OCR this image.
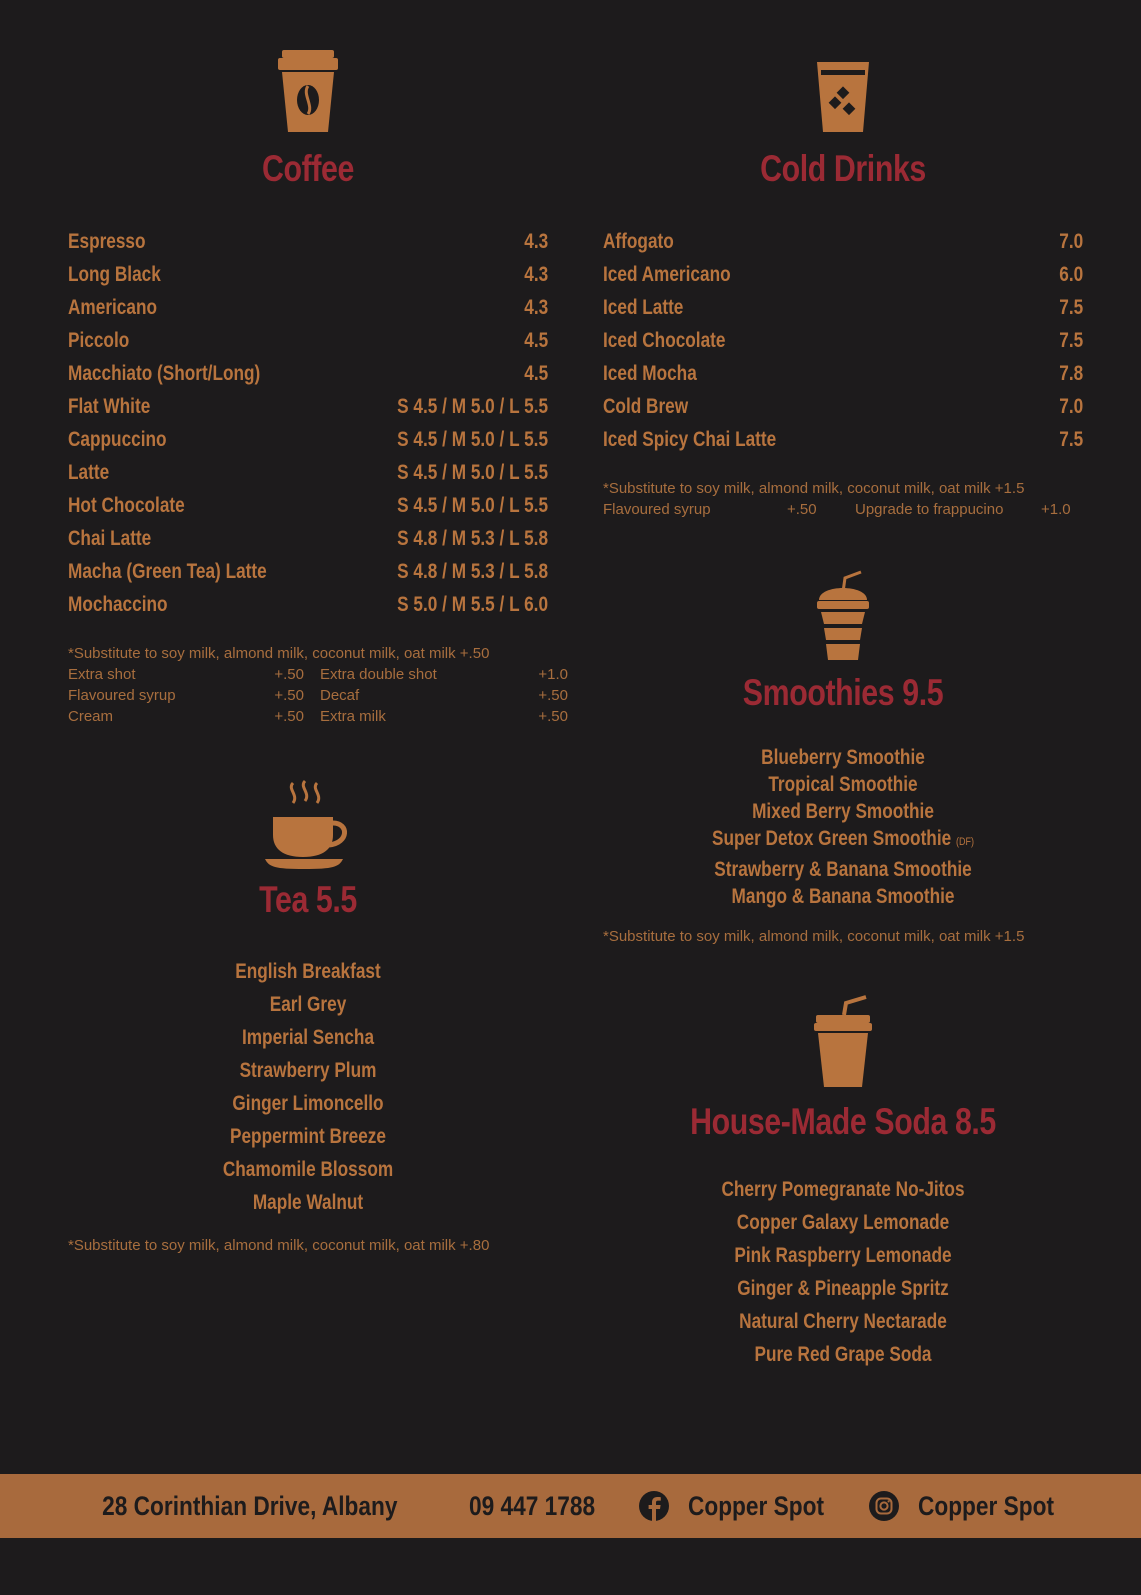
Coffee
Espresso	4.3
Long Black	4.3
Americano	4.3
Piccolo	4.5
Macchiato (Short/Long)	4.5
Flat White	S 4.5 / M 5.0 / L 5.5
Cappuccino	S 4.5 / M 5.0 / L 5.5
Latte	S 4.5 / M 5.0 / L 5.5
Hot Chocolate	S 4.5 / M 5.0 / L 5.5
Chai Latte	S 4.8 / M 5.3 / L 5.8
Macha (Green Tea) Latte	S 4.8 / M 5.3 / L 5.8
Mochaccino	S 5.0 / M 5.5 / L 6.0
*Substitute to soy milk, almond milk, coconut milk, oat milk +.50
Extra shot	+.50 Extra double shot	+1.0
Flavoured syrup	+.50 Decaf	+.50
Cream	+.50 Extra milk	+.50
Tea 5.5
English Breakfast
Earl Grey
Imperial Sencha
Strawberry Plum
Ginger Limoncello
Peppermint Breeze
Chamomile Blossom
Maple Walnut
*Substitute to soy milk, almond milk, coconut milk, oat milk +.80
Cold Drinks
Affogato	7.0
Iced Americano	6.0
Iced Latte	7.5
Iced Chocolate	7.5
Iced Mocha	7.8
Cold Brew	7.0
Iced Spicy Chai Latte	7.5
*Substitute to soy milk, almond milk, coconut milk, oat milk +1.5
Flavoured syrup	+.50	Upgrade to frappucino	+1.0
Smoothies 9.5
Blueberry Smoothie
Tropical Smoothie
Mixed Berry Smoothie
Super Detox Green Smoothie (DF)
Strawberry & Banana Smoothie
Mango & Banana Smoothie
*Substitute to soy milk, almond milk, coconut milk, oat milk +1.5
House-Made Soda 8.5
Cherry Pomegranate No-Jitos
Copper Galaxy Lemonade
Pink Raspberry Lemonade
Ginger & Pineapple Spritz
Natural Cherry Nectarade
Pure Red Grape Soda
28 Corinthian Drive, Albany	09 447 1788	Copper Spot	Copper Spot
